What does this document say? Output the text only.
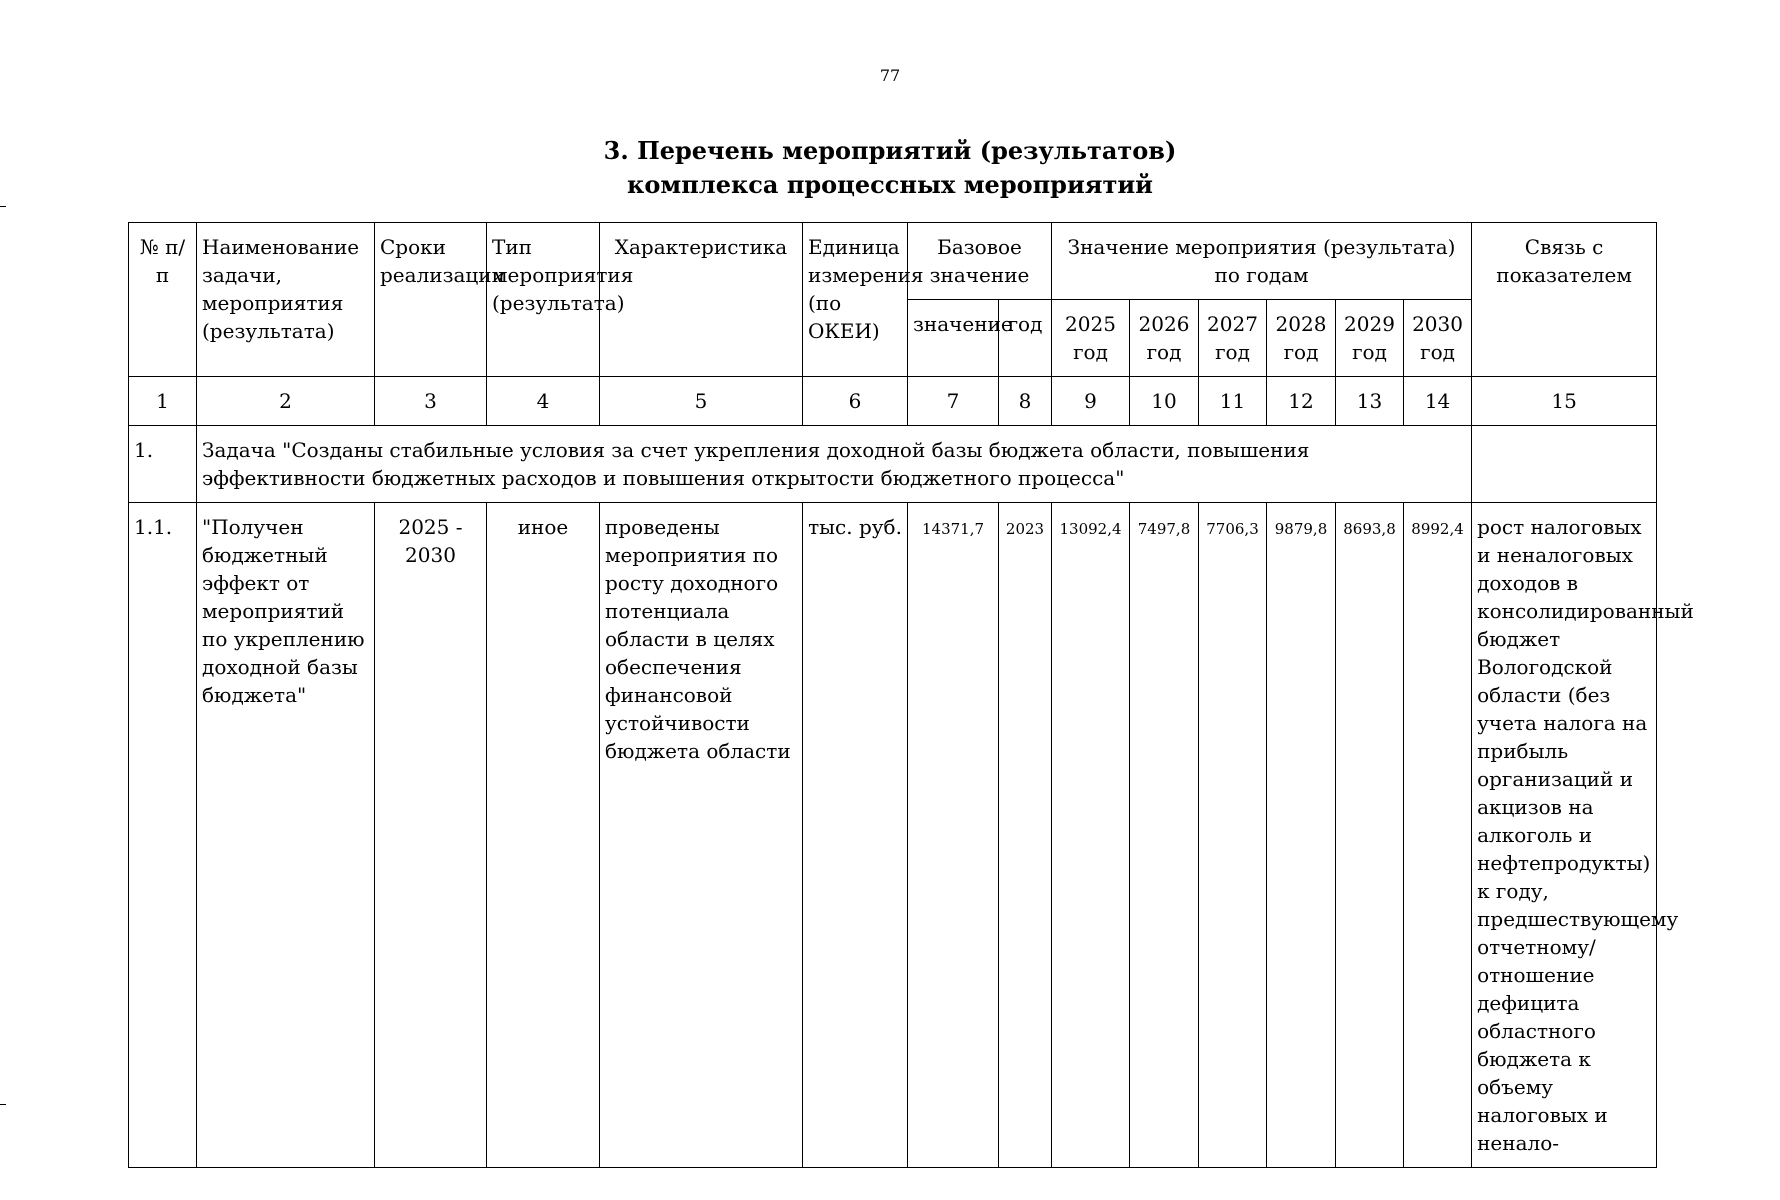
77
3. Перечень мероприятий (результатов)
комплекса процессных мероприятий
№ п/п	Наименование задачи, мероприятия (результата)	Сроки реализации	Тип мероприятия (результата)	Характеристика	Единица измерения (по ОКЕИ)	Базовое значение		Значение мероприятия (результата) по годам						Связь с показателем
						значение	год	2025 год	2026 год	2027 год	2028 год	2029 год	2030 год	
1	2	3	4	5	6	7	8	9	10	11	12	13	14	15
1.	Задача "Созданы стабильные условия за счет укрепления доходной базы бюджета области, повышения эффективности бюджетных расходов и повышения открытости бюджетного процесса"													
1.1.	"Получен бюджетный эффект от мероприятий по укреплению доходной базы бюджета"	2025 - 2030	иное	проведены мероприятия по росту доходного потенциала области в целях обеспечения финансовой устойчивости бюджета области	тыс. руб.	14371,7	2023	13092,4	7497,8	7706,3	9879,8	8693,8	8992,4	рост налоговых и неналоговых доходов в консолидированный бюджет Вологодской области (без учета налога на прибыль организаций и акцизов на алкоголь и нефтепродукты) к году, предшествующему отчетному/отношение дефицита областного бюджета к объему налоговых и ненало-
